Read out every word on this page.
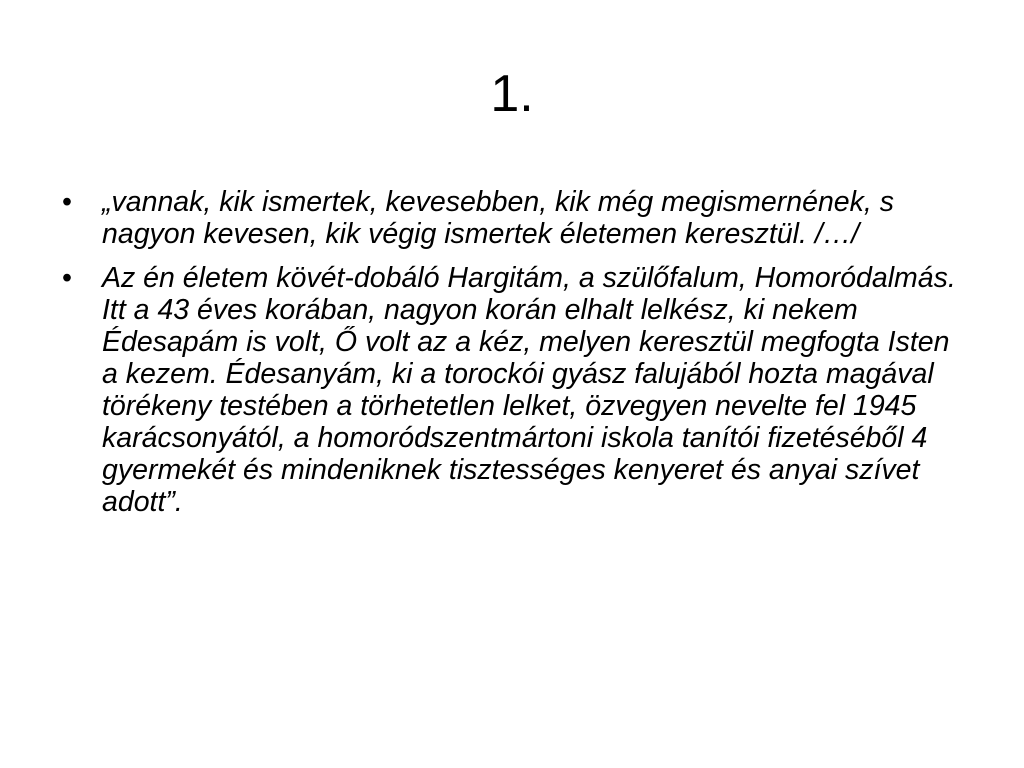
1.
• „vannak, kik ismertek, kevesebben, kik még megismernének, s nagyon kevesen, kik végig ismertek életemen keresztül. /…/
• Az én életem kövét-dobáló Hargitám, a szülőfalum, Homoródalmás. Itt a 43 éves korában, nagyon korán elhalt lelkész, ki nekem Édesapám is volt, Ő volt az a kéz, melyen keresztül megfogta Isten a kezem. Édesanyám, ki a torockói gyász falujából hozta magával törékeny testében a törhetetlen lelket, özvegyen nevelte fel 1945 karácsonyától, a homoródszentmártoni iskola tanítói fizetéséből 4 gyermekét és mindeniknek tisztességes kenyeret és anyai szívet adott”.
